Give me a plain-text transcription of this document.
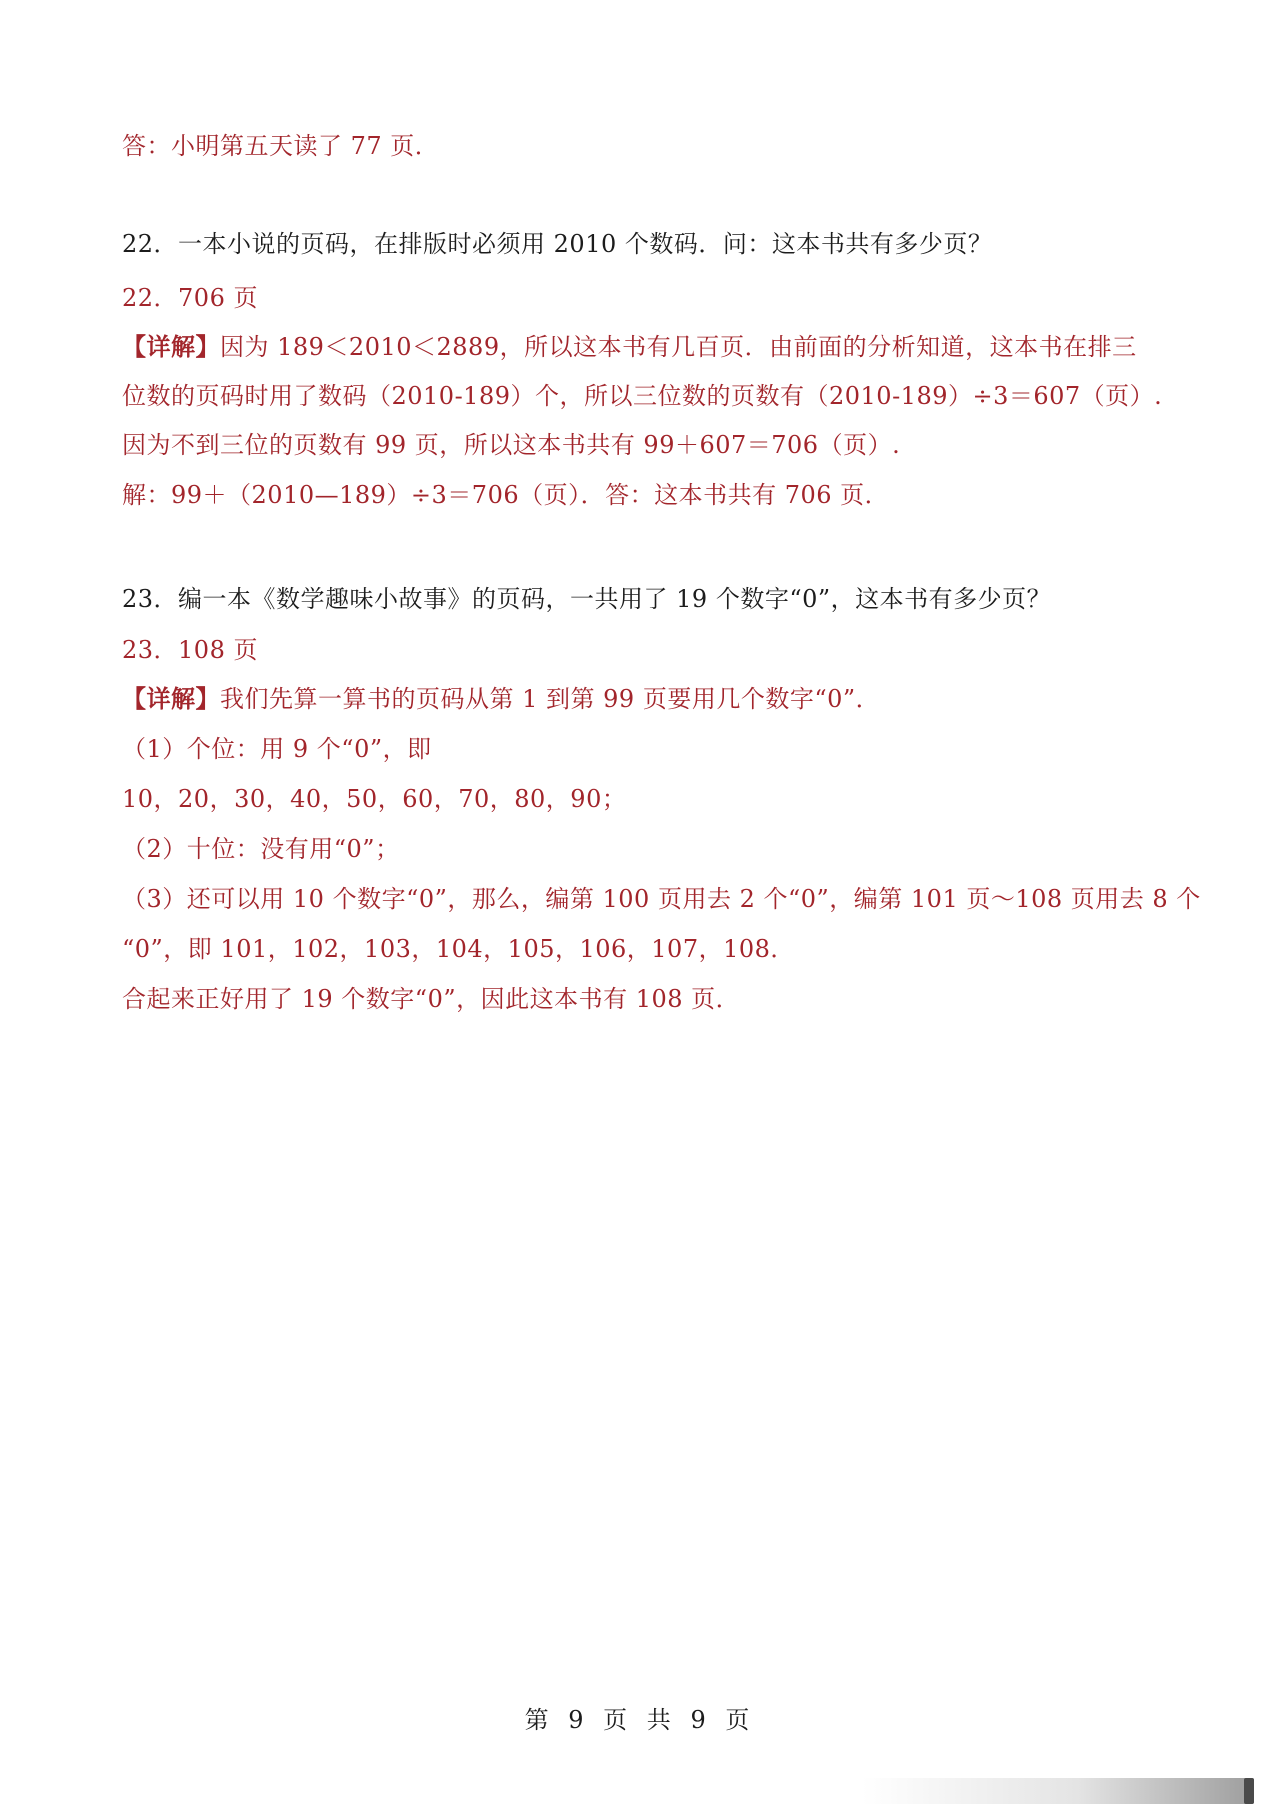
答：小明第五天读了 77 页．
22．一本小说的页码，在排版时必须用 2010 个数码．问：这本书共有多少页？
22．706 页
【详解】因为 189＜2010＜2889，所以这本书有几百页．由前面的分析知道，这本书在排三
位数的页码时用了数码（2010-189）个，所以三位数的页数有（2010-189）÷3＝607（页）.
因为不到三位的页数有 99 页，所以这本书共有 99＋607＝706（页）.
解：99＋（2010—189）÷3＝706（页）．答：这本书共有 706 页．
23．编一本《数学趣味小故事》的页码，一共用了 19 个数字“0”，这本书有多少页？
23．108 页
【详解】我们先算一算书的页码从第 1 到第 99 页要用几个数字“0”．
（1）个位：用 9 个“0”，即
10，20，30，40，50，60，70，80，90；
（2）十位：没有用“0”；
（3）还可以用 10 个数字“0”，那么，编第 100 页用去 2 个“0”，编第 101 页～108 页用去 8 个
“0”，即 101，102，103，104，105，106，107，108．
合起来正好用了 19 个数字“0”，因此这本书有 108 页．
第 9 页 共 9 页
